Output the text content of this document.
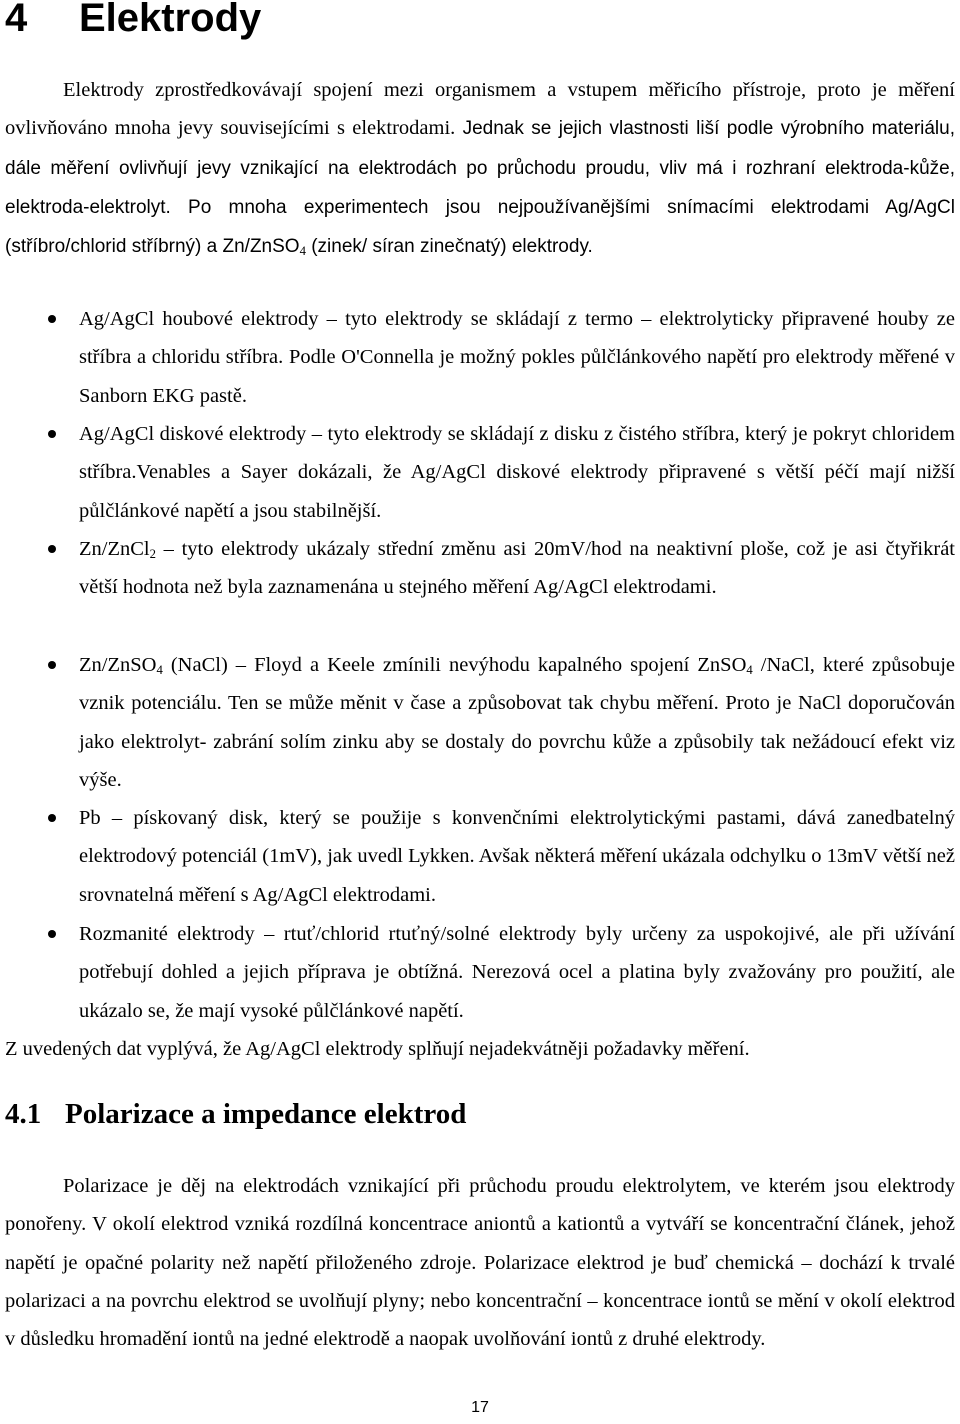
4 Elektrody
Elektrody zprostředkovávají spojení mezi organismem a vstupem měřicího přístroje, proto je měření ovlivňováno mnoha jevy souvisejícími s elektrodami. Jednak se jejich vlastnosti liší podle výrobního materiálu, dále měření ovlivňují jevy vznikající na elektrodách po průchodu proudu, vliv má i rozhraní elektroda-kůže, elektroda-elektrolyt. Po mnoha experimentech jsou nejpoužívanějšími snímacími elektrodami Ag/AgCl (stříbro/chlorid stříbrný) a Zn/ZnSO$_4$ (zinek/ síran zinečnatý) elektrody.
Ag/AgCl houbové elektrody – tyto elektrody se skládají z termo – elektrolyticky připravené houby ze stříbra a chloridu stříbra. Podle O'Connella je možný pokles půlčlánkového napětí pro elektrody měřené v Sanborn EKG pastě.
Ag/AgCl diskové elektrody – tyto elektrody se skládají z disku z čistého stříbra, který je pokryt chloridem stříbra.Venables a Sayer dokázali, že Ag/AgCl diskové elektrody připravené s větší péčí mají nižší půlčlánkové napětí a jsou stabilnější.
Zn/ZnCl$_2$ – tyto elektrody ukázaly střední změnu asi 20mV/hod na neaktivní ploše, což je asi čtyřikrát větší hodnota než byla zaznamenána u stejného měření Ag/AgCl elektrodami.
Zn/ZnSO$_4$ (NaCl) – Floyd a Keele zmínili nevýhodu kapalného spojení ZnSO$_4$ /NaCl, které způsobuje vznik potenciálu. Ten se může měnit v čase a způsobovat tak chybu měření. Proto je NaCl doporučován jako elektrolyt- zabrání solím zinku aby se dostaly do povrchu kůže a způsobily tak nežádoucí efekt viz výše.
Pb – pískovaný disk, který se použije s konvenčními elektrolytickými pastami, dává zanedbatelný elektrodový potenciál (1mV), jak uvedl Lykken. Avšak některá měření ukázala odchylku o 13mV větší než srovnatelná měření s Ag/AgCl elektrodami.
Rozmanité elektrody – rtuť/chlorid rtuťný/solné elektrody byly určeny za uspokojivé, ale při užívání potřebují dohled a jejich příprava je obtížná. Nerezová ocel a platina byly zvažovány pro použití, ale ukázalo se, že mají vysoké půlčlánkové napětí.
Z uvedených dat vyplývá, že Ag/AgCl elektrody splňují nejadekvátněji požadavky měření.
4.1 Polarizace a impedance elektrod
Polarizace je děj na elektrodách vznikající při průchodu proudu elektrolytem, ve kterém jsou elektrody ponořeny. V okolí elektrod vzniká rozdílná koncentrace aniontů a kationtů a vytváří se koncentrační článek, jehož napětí je opačné polarity než napětí přiloženého zdroje. Polarizace elektrod je buď chemická – dochází k trvalé polarizaci a na povrchu elektrod se uvolňují plyny; nebo koncentrační – koncentrace iontů se mění v okolí elektrod v důsledku hromadění iontů na jedné elektrodě a naopak uvolňování iontů z druhé elektrody.
17
